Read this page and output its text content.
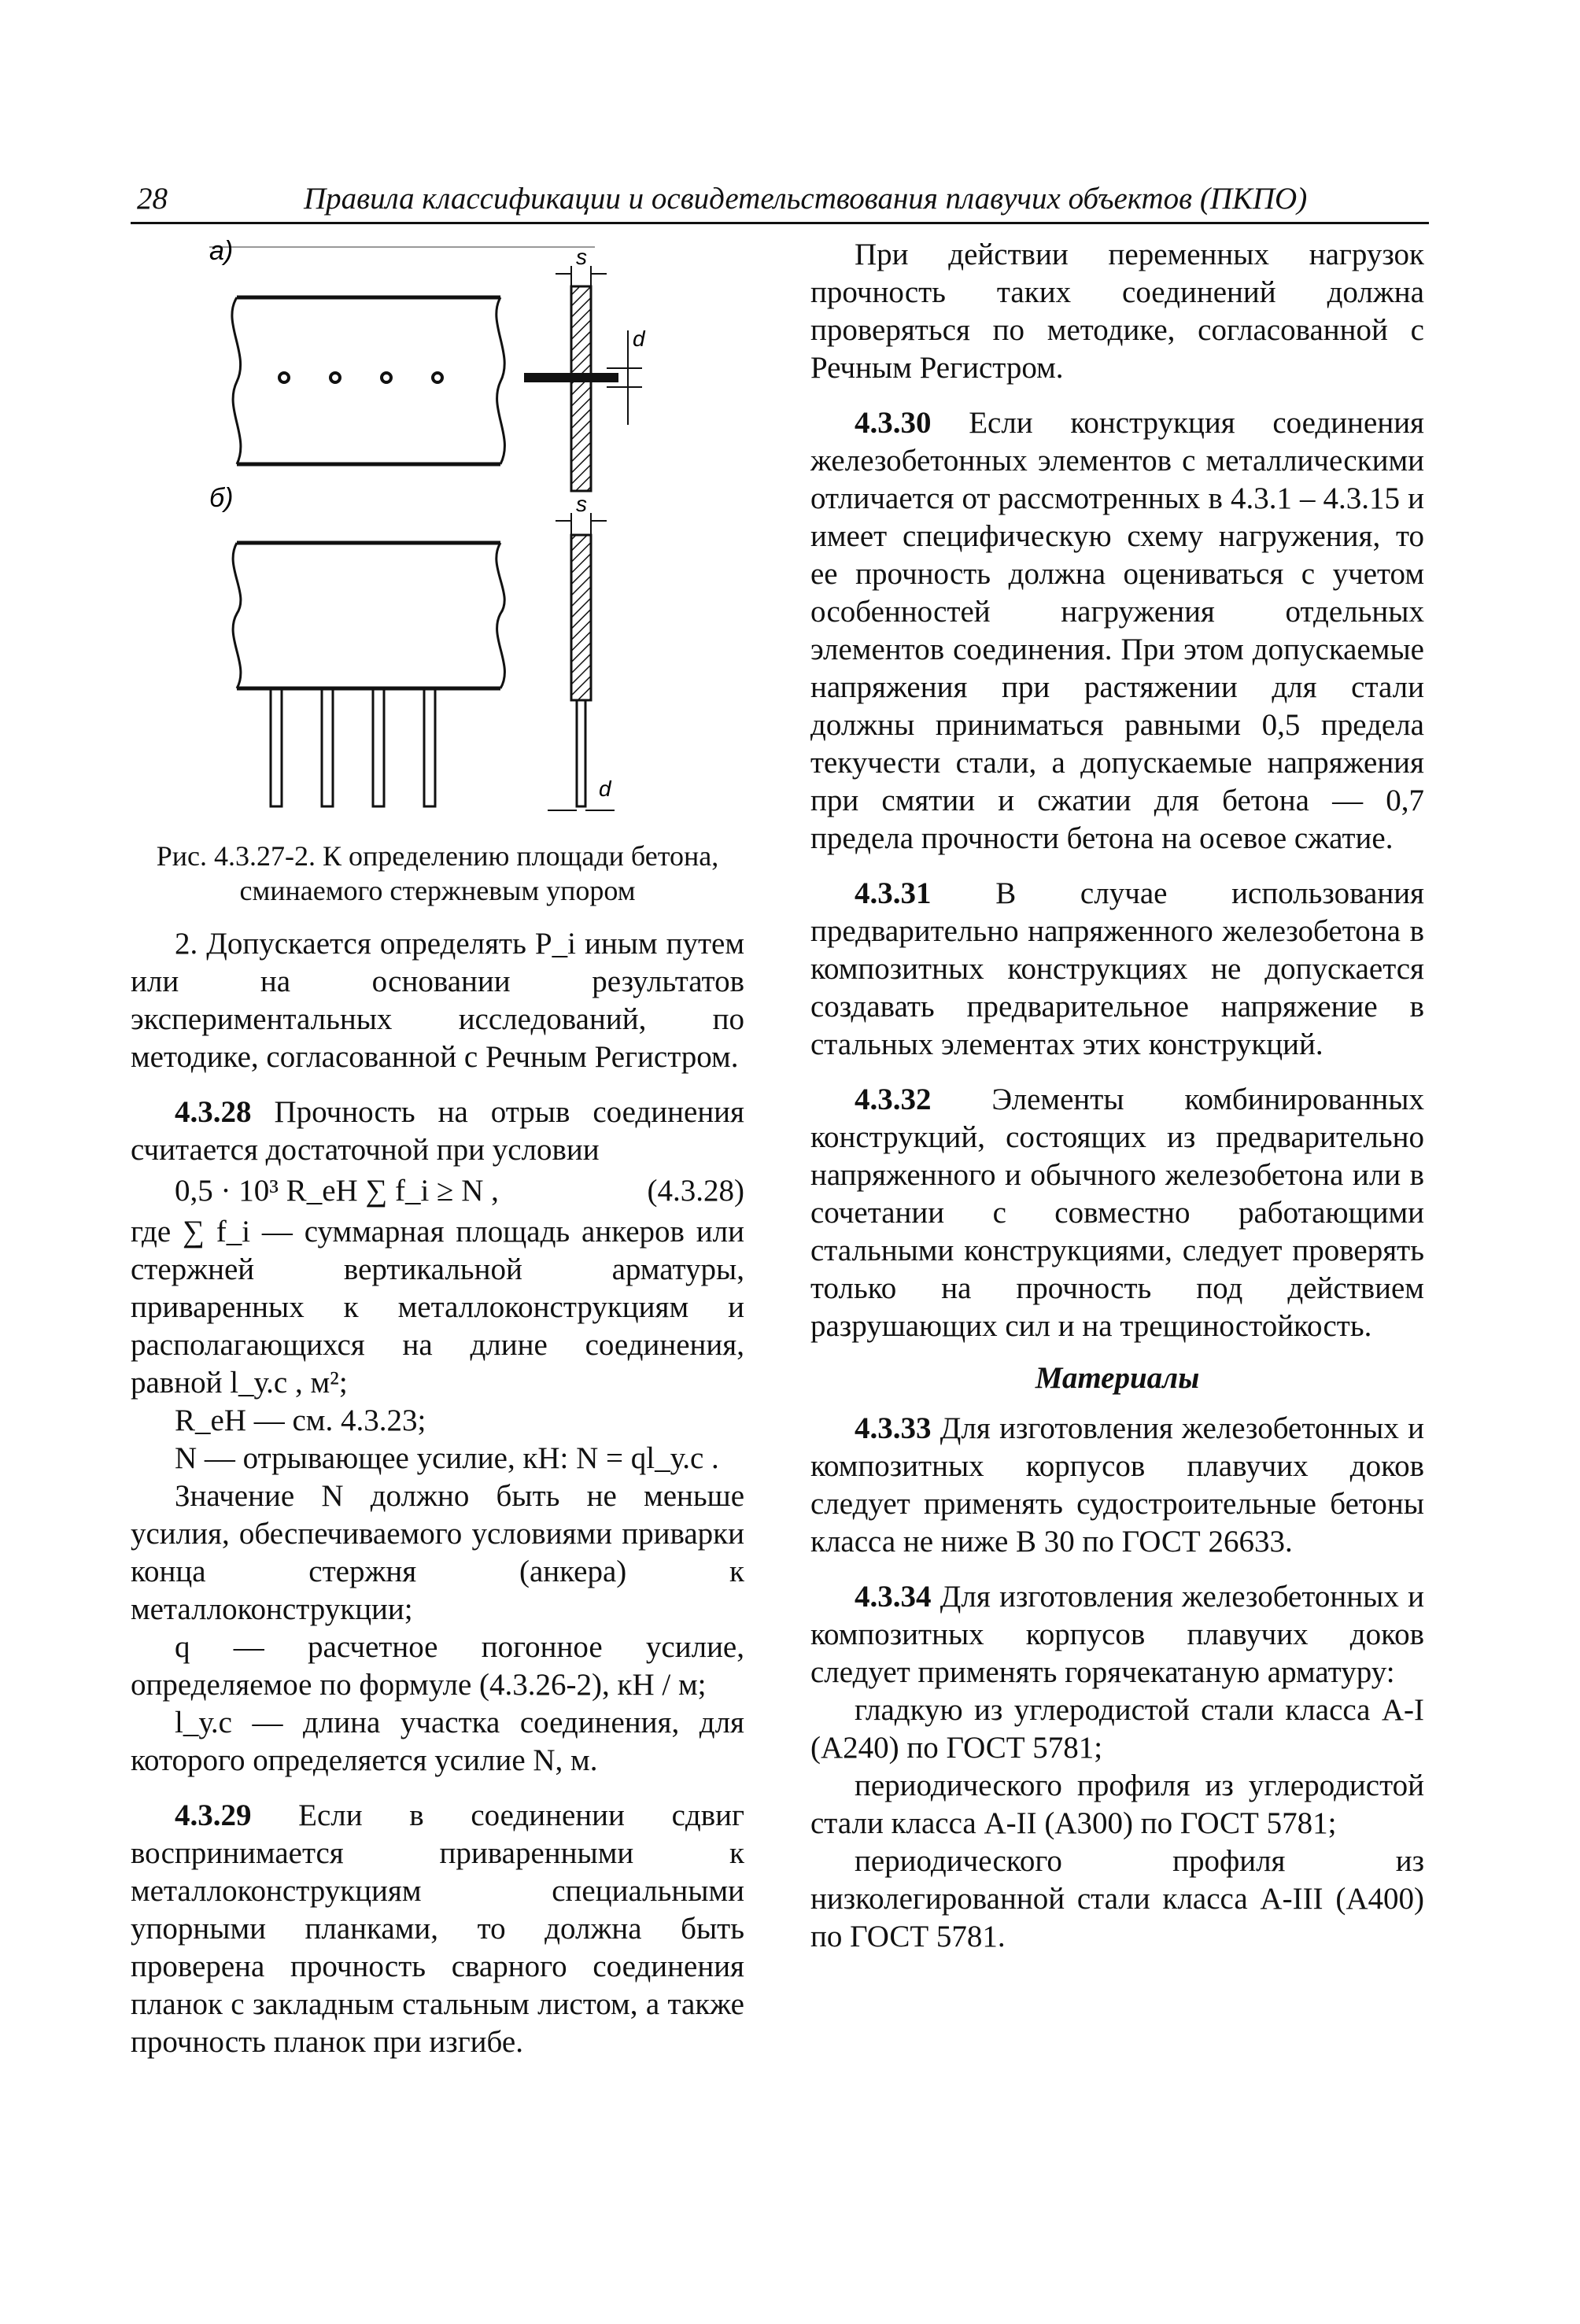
28	Правила классификации и освидетельствования плавучих объектов (ПКПО)
а)	s
d
б)	s
d

Рис. 4.3.27-2. К определению площади бетона,

сминаемого стержневым упором

2. Допускается определять P_i иным путем или на основании результатов экспериментальных исследований, по методике, согласованной с Речным Регистром.

4.3.28 Прочность на отрыв соединения считается достаточной при условии

0,5 · 10³ R_еН ∑ f_i ≥ N ,	(4.3.28)

где ∑ f_i — суммарная площадь анкеров или стержней вертикальной арматуры, приваренных к металлоконструкциям и располагающихся на длине соединения, равной l_у.с , м²;

R_еН — см. 4.3.23;

N — отрывающее усилие, кН: N = ql_у.с .

Значение N должно быть не меньше усилия, обеспечиваемого условиями приварки конца стержня (анкера) к металлоконструкции;

q — расчетное погонное усилие, определяемое по формуле (4.3.26-2), кН / м;

l_у.с — длина участка соединения, для которого определяется усилие N, м.

4.3.29 Если в соединении сдвиг воспринимается приваренными к металлоконструкциям специальными упорными планками, то должна быть проверена прочность сварного соединения планок с закладным стальным листом, а также прочность планок при изгибе.

При действии переменных нагрузок прочность таких соединений должна проверяться по методике, согласованной с Речным Регистром.

4.3.30 Если конструкция соединения железобетонных элементов с металлическими отличается от рассмотренных в 4.3.1 – 4.3.15 и имеет специфическую схему нагружения, то ее прочность должна оцениваться с учетом особенностей нагружения отдельных элементов соединения. При этом допускаемые напряжения при растяжении для стали должны приниматься равными 0,5 предела текучести стали, а допускаемые напряжения при смятии и сжатии для бетона — 0,7 предела прочности бетона на осевое сжатие.

4.3.31 В случае использования предварительно напряженного железобетона в композитных конструкциях не допускается создавать предварительное напряжение в стальных элементах этих конструкций.

4.3.32 Элементы комбинированных конструкций, состоящих из предварительно напряженного и обычного железобетона или в сочетании с совместно работающими стальными конструкциями, следует проверять только на прочность под действием разрушающих сил и на трещиностойкость.

Материалы

4.3.33 Для изготовления железобетонных и композитных корпусов плавучих доков следует применять судостроительные бетоны класса не ниже В 30 по ГОСТ 26633.

4.3.34 Для изготовления железобетонных и композитных корпусов плавучих доков следует применять горячекатаную арматуру:

гладкую из углеродистой стали класса А-I (А240) по ГОСТ 5781;

периодического профиля из углеродистой стали класса А-II (А300) по ГОСТ 5781;

периодического профиля из низколегированной стали класса А-III (А400) по ГОСТ 5781.
